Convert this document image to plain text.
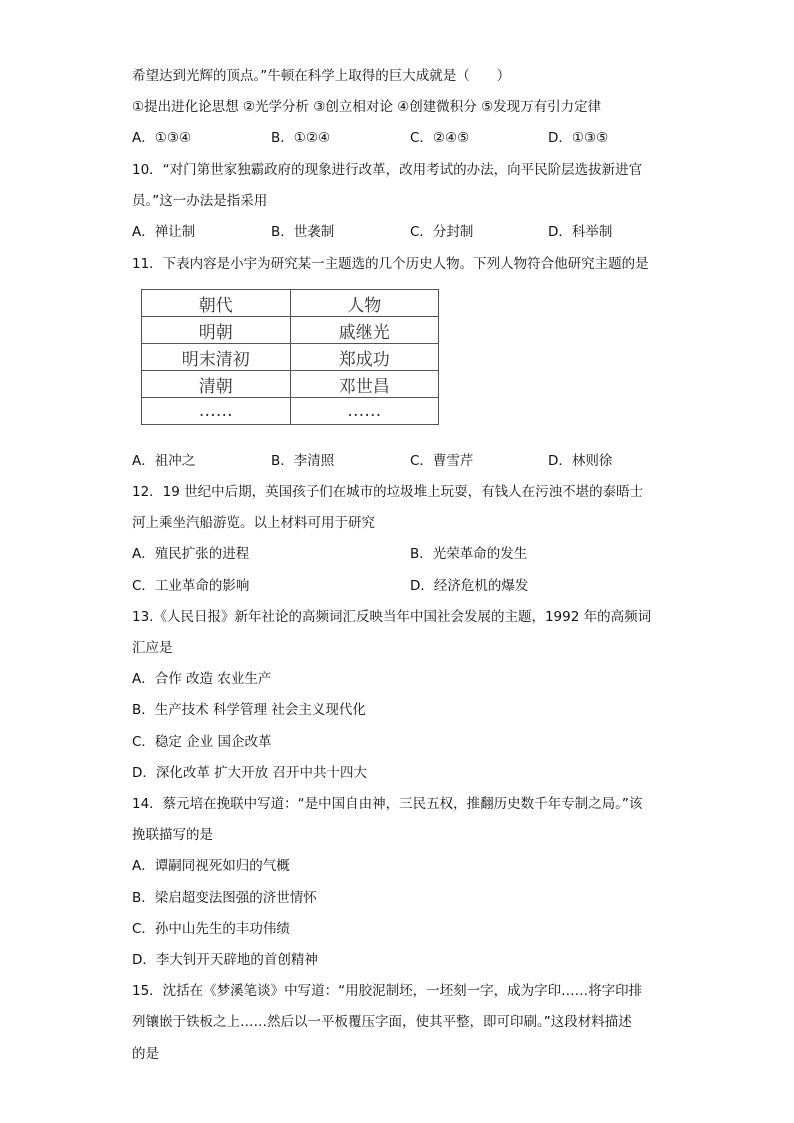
希望达到光辉的顶点。”牛顿在科学上取得的巨大成就是（　　）
①提出进化论思想 ②光学分析 ③创立相对论 ④创建微积分 ⑤发现万有引力定律
A．①③④	B．①②④	C．②④⑤	D．①③⑤
10．“对门第世家独霸政府的现象进行改革，改用考试的办法，向平民阶层选拔新进官
员。”这一办法是指采用
A．禅让制	B．世袭制	C．分封制	D．科举制
11．下表内容是小宇为研究某一主题选的几个历史人物。下列人物符合他研究主题的是
朝代	人物
明朝	戚继光
明末清初	郑成功
清朝	邓世昌
……	……
A．祖冲之	B．李清照	C．曹雪芹	D．林则徐
12．19 世纪中后期，英国孩子们在城市的垃圾堆上玩耍，有钱人在污浊不堪的泰晤士
河上乘坐汽船游览。以上材料可用于研究
A．殖民扩张的进程	B．光荣革命的发生
C．工业革命的影响	D．经济危机的爆发
13.《人民日报》新年社论的高频词汇反映当年中国社会发展的主题，1992 年的高频词
汇应是
A．合作 改造 农业生产
B．生产技术 科学管理 社会主义现代化
C．稳定 企业 国企改革
D．深化改革 扩大开放 召开中共十四大
14．蔡元培在挽联中写道：“是中国自由神，三民五权，推翻历史数千年专制之局。”该
挽联描写的是
A．谭嗣同视死如归的气概
B．梁启超变法图强的济世情怀
C．孙中山先生的丰功伟绩
D．李大钊开天辟地的首创精神
15．沈括在《梦溪笔谈》中写道：“用胶泥制坯，一坯刻一字，成为字印……将字印排
列镶嵌于铁板之上……然后以一平板覆压字面，使其平整，即可印刷。”这段材料描述
的是
